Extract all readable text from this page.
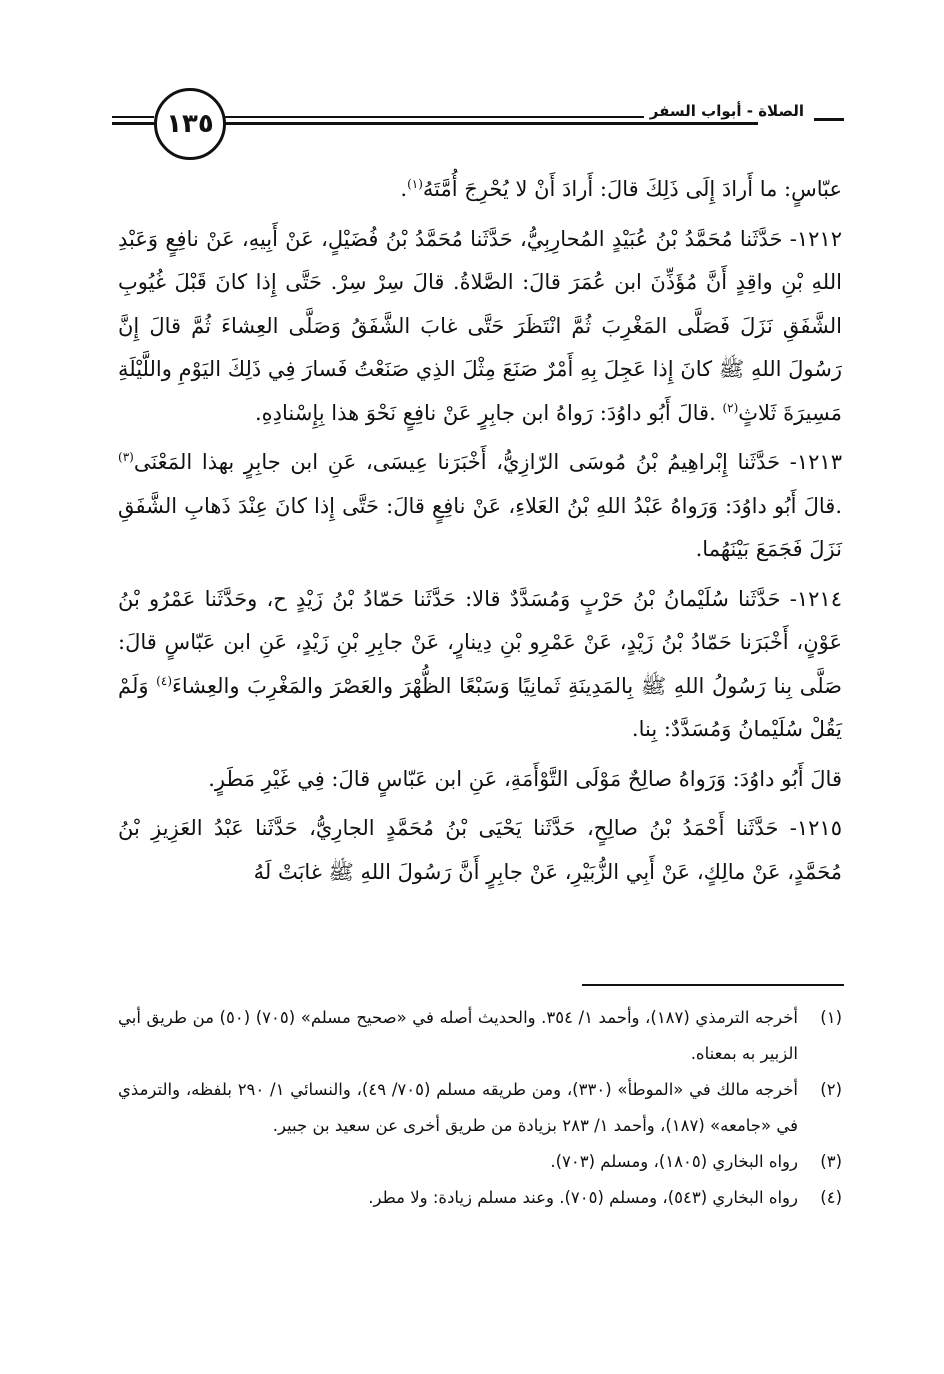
١٣٥	الصلاة - أبواب السفر

عبّاسٍ: ما أَرادَ إِلَى ذَلِكَ قالَ: أَرادَ أَنْ لا يُحْرِجَ أُمَّتَهُ$^{(١)}$.

١٢١٢- حَدَّثَنا مُحَمَّدُ بْنُ عُبَيْدٍ المُحارِبِيُّ، حَدَّثَنا مُحَمَّدُ بْنُ فُضَيْلٍ، عَنْ أَبِيهِ، عَنْ نافِعٍ وَعَبْدِ اللهِ بْنِ واقِدٍ أَنَّ مُؤَذِّنَ ابن عُمَرَ قالَ: الصَّلاةُ. قالَ سِرْ سِرْ. حَتَّى إِذا كانَ قَبْلَ غُيُوبِ الشَّفَقِ نَزَلَ فَصَلَّى المَغْرِبَ ثُمَّ انْتَظَرَ حَتَّى غابَ الشَّفَقُ وَصَلَّى العِشاءَ ثُمَّ قالَ إِنَّ رَسُولَ اللهِ ﷺ كانَ إِذا عَجِلَ بِهِ أَمْرٌ صَنَعَ مِثْلَ الذِي صَنَعْتُ فَسارَ فِي ذَلِكَ اليَوْمِ واللَّيْلَةِ مَسِيرَةَ ثَلاثٍ$^{(٢)}$ .قالَ أَبُو داوُدَ: رَواهُ ابن جابِرٍ عَنْ نافِعٍ نَحْوَ هذا بِإِسْنادِهِ.

١٢١٣- حَدَّثَنا إِبْراهِيمُ بْنُ مُوسَى الرّازِيُّ، أَخْبَرَنا عِيسَى، عَنِ ابن جابِرٍ بهذا المَعْنَى$^{(٣)}$ .قالَ أَبُو داوُدَ: وَرَواهُ عَبْدُ اللهِ بْنُ العَلاءِ، عَنْ نافِعٍ قالَ: حَتَّى إِذا كانَ عِنْدَ ذَهابِ الشَّفَقِ نَزَلَ فَجَمَعَ بَيْنَهُما.

١٢١٤- حَدَّثَنا سُلَيْمانُ بْنُ حَرْبٍ وَمُسَدَّدٌ قالا: حَدَّثَنا حَمّادُ بْنُ زَيْدٍ ح، وحَدَّثَنا عَمْرُو بْنُ عَوْنٍ، أَخْبَرَنا حَمّادُ بْنُ زَيْدٍ، عَنْ عَمْرِو بْنِ دِينارٍ، عَنْ جابِرِ بْنِ زَيْدٍ، عَنِ ابن عَبّاسٍ قالَ: صَلَّى بِنا رَسُولُ اللهِ ﷺ بِالمَدِينَةِ ثَمانِيًا وَسَبْعًا الظُّهْرَ والعَصْرَ والمَغْرِبَ والعِشاءَ$^{(٤)}$ وَلَمْ يَقُلْ سُلَيْمانُ وَمُسَدَّدٌ: بِنا.

قالَ أَبُو داوُدَ: وَرَواهُ صالِحٌ مَوْلَى التَّوْأَمَةِ، عَنِ ابن عَبّاسٍ قالَ: فِي غَيْرِ مَطَرٍ.

١٢١٥- حَدَّثَنا أَحْمَدُ بْنُ صالِحٍ، حَدَّثَنا يَحْيَى بْنُ مُحَمَّدٍ الجارِيُّ، حَدَّثَنا عَبْدُ العَزِيزِ بْنُ مُحَمَّدٍ، عَنْ مالِكٍ، عَنْ أَبِي الزُّبَيْرِ، عَنْ جابِرٍ أَنَّ رَسُولَ اللهِ ﷺ غابَتْ لَهُ

(١)
أخرجه الترمذي (١٨٧)، وأحمد ١/ ٣٥٤. والحديث أصله في «صحيح مسلم» (٧٠٥) (٥٠) من طريق أبي الزبير به بمعناه.
(٢)
أخرجه مالك في «الموطأ» (٣٣٠)، ومن طريقه مسلم (٧٠٥/ ٤٩)، والنسائي ١/ ٢٩٠ بلفظه، والترمذي في «جامعه» (١٨٧)، وأحمد ١/ ٢٨٣ بزيادة من طريق أخرى عن سعيد بن جبير.
(٣)
رواه البخاري (١٨٠٥)، ومسلم (٧٠٣).
(٤)
رواه البخاري (٥٤٣)، ومسلم (٧٠٥). وعند مسلم زيادة: ولا مطر.
